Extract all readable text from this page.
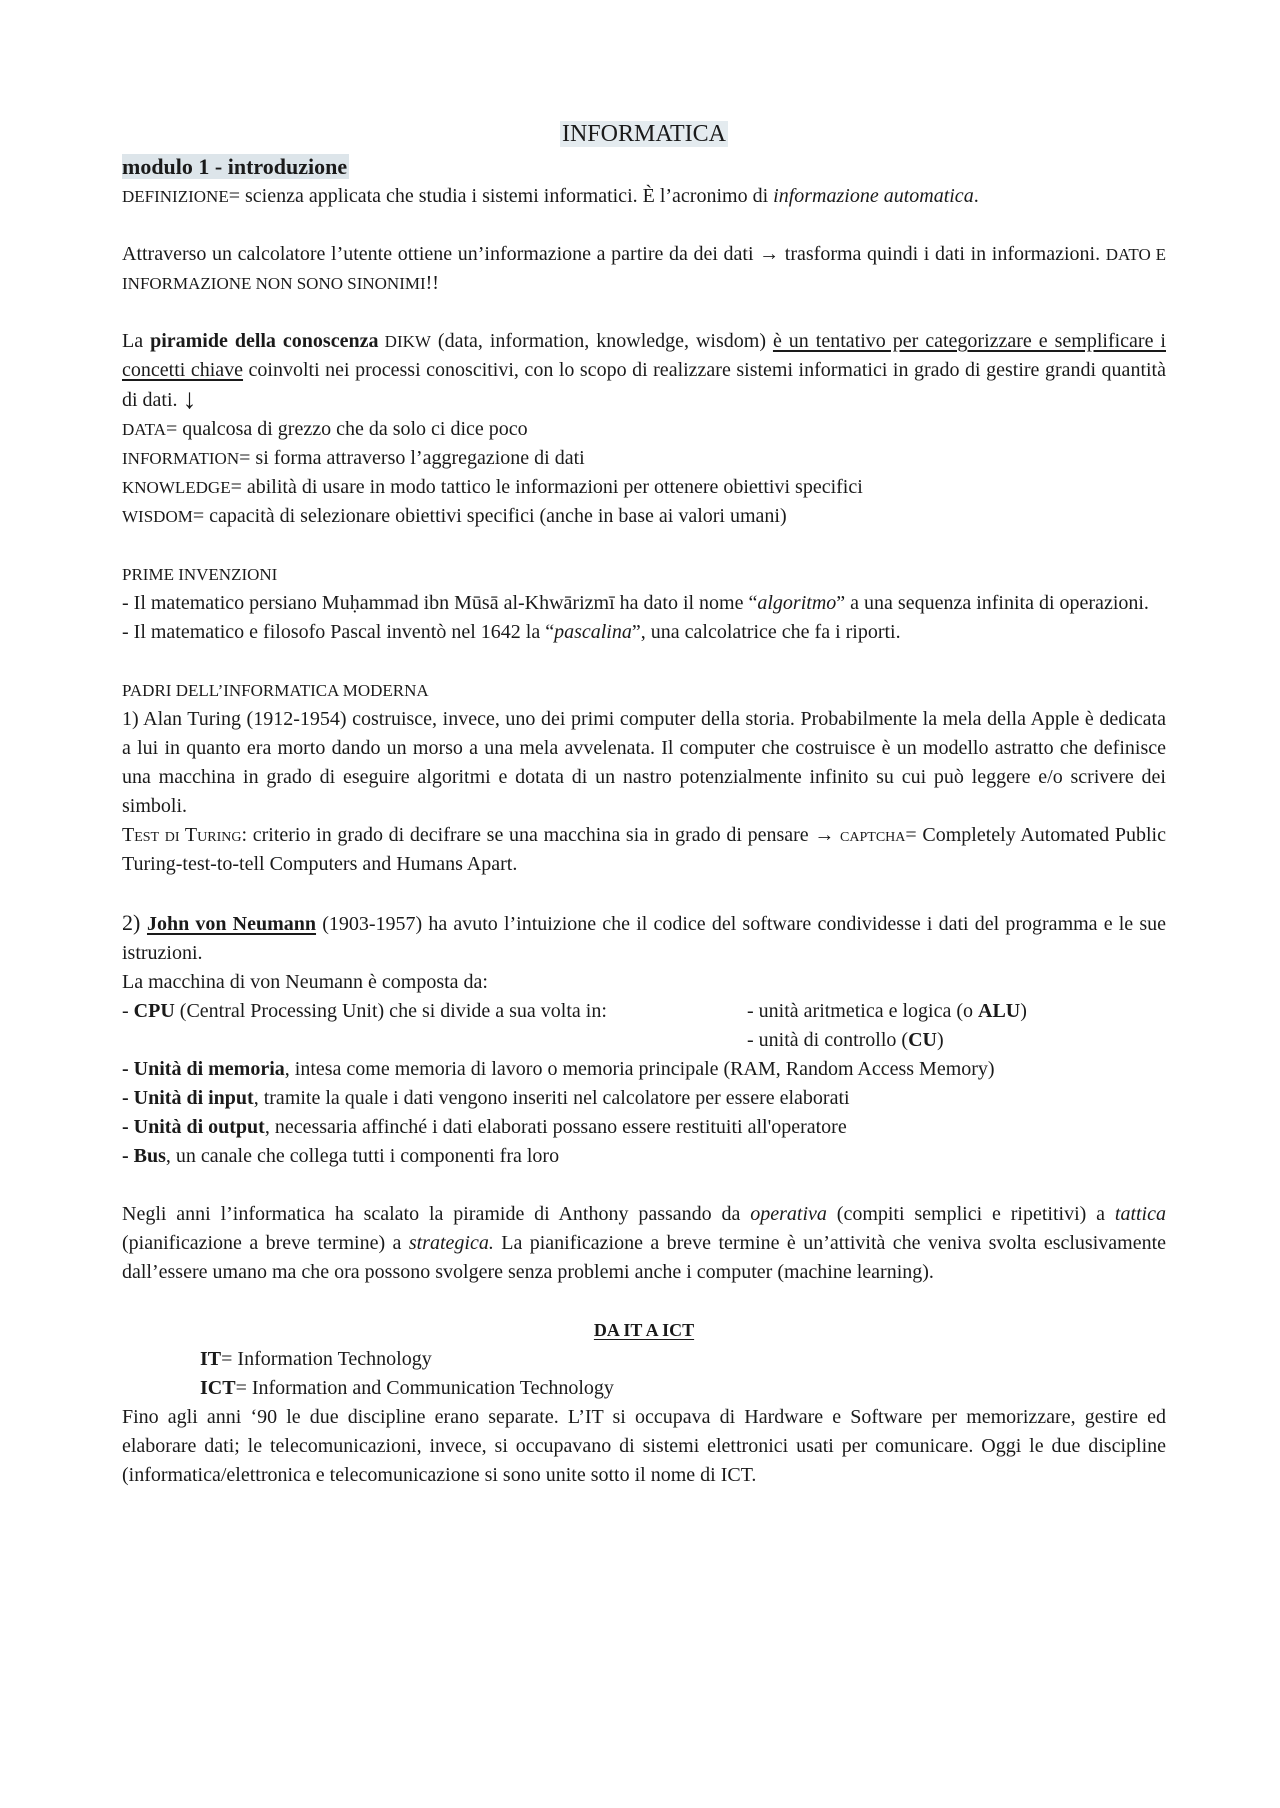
INFORMATICA

modulo 1 - introduzione

DEFINIZIONE= scienza applicata che studia i sistemi informatici. È l’acronimo di informazione automatica.

Attraverso un calcolatore l’utente ottiene un’informazione a partire da dei dati → trasforma quindi i dati in informazioni. DATO E INFORMAZIONE NON SONO SINONIMI!!

La piramide della conoscenza DIKW (data, information, knowledge, wisdom) è un tentativo per categorizzare e semplificare i concetti chiave coinvolti nei processi conoscitivi, con lo scopo di realizzare sistemi informatici in grado di gestire grandi quantità di dati. ↓

DATA= qualcosa di grezzo che da solo ci dice poco

INFORMATION= si forma attraverso l’aggregazione di dati

KNOWLEDGE= abilità di usare in modo tattico le informazioni per ottenere obiettivi specifici

WISDOM= capacità di selezionare obiettivi specifici (anche in base ai valori umani)

PRIME INVENZIONI

- Il matematico persiano Muḥammad ibn Mūsā al-Khwārizmī ha dato il nome “algoritmo” a una sequenza infinita di operazioni.

- Il matematico e filosofo Pascal inventò nel 1642 la “pascalina”, una calcolatrice che fa i riporti.

PADRI DELL’INFORMATICA MODERNA

1) Alan Turing (1912-1954) costruisce, invece, uno dei primi computer della storia. Probabilmente la mela della Apple è dedicata a lui in quanto era morto dando un morso a una mela avvelenata. Il computer che costruisce è un modello astratto che definisce una macchina in grado di eseguire algoritmi e dotata di un nastro potenzialmente infinito su cui può leggere e/o scrivere dei simboli.

Test di Turing: criterio in grado di decifrare se una macchina sia in grado di pensare → captcha= Completely Automated Public Turing-test-to-tell Computers and Humans Apart.

2) John von Neumann (1903-1957) ha avuto l’intuizione che il codice del software condividesse i dati del programma e le sue istruzioni.

La macchina di von Neumann è composta da:

- CPU (Central Processing Unit) che si divide a sua volta in:	- unità aritmetica e logica (o ALU)

- unità di controllo (CU)

- Unità di memoria, intesa come memoria di lavoro o memoria principale (RAM, Random Access Memory)

- Unità di input, tramite la quale i dati vengono inseriti nel calcolatore per essere elaborati

- Unità di output, necessaria affinché i dati elaborati possano essere restituiti all'operatore

- Bus, un canale che collega tutti i componenti fra loro

Negli anni l’informatica ha scalato la piramide di Anthony passando da operativa (compiti semplici e ripetitivi) a tattica (pianificazione a breve termine) a strategica. La pianificazione a breve termine è un’attività che veniva svolta esclusivamente dall’essere umano ma che ora possono svolgere senza problemi anche i computer (machine learning).

DA IT A ICT

IT= Information Technology

ICT= Information and Communication Technology

Fino agli anni ‘90 le due discipline erano separate. L’IT si occupava di Hardware e Software per memorizzare, gestire ed elaborare dati; le telecomunicazioni, invece, si occupavano di sistemi elettronici usati per comunicare. Oggi le due discipline (informatica/elettronica e telecomunicazione si sono unite sotto il nome di ICT.
